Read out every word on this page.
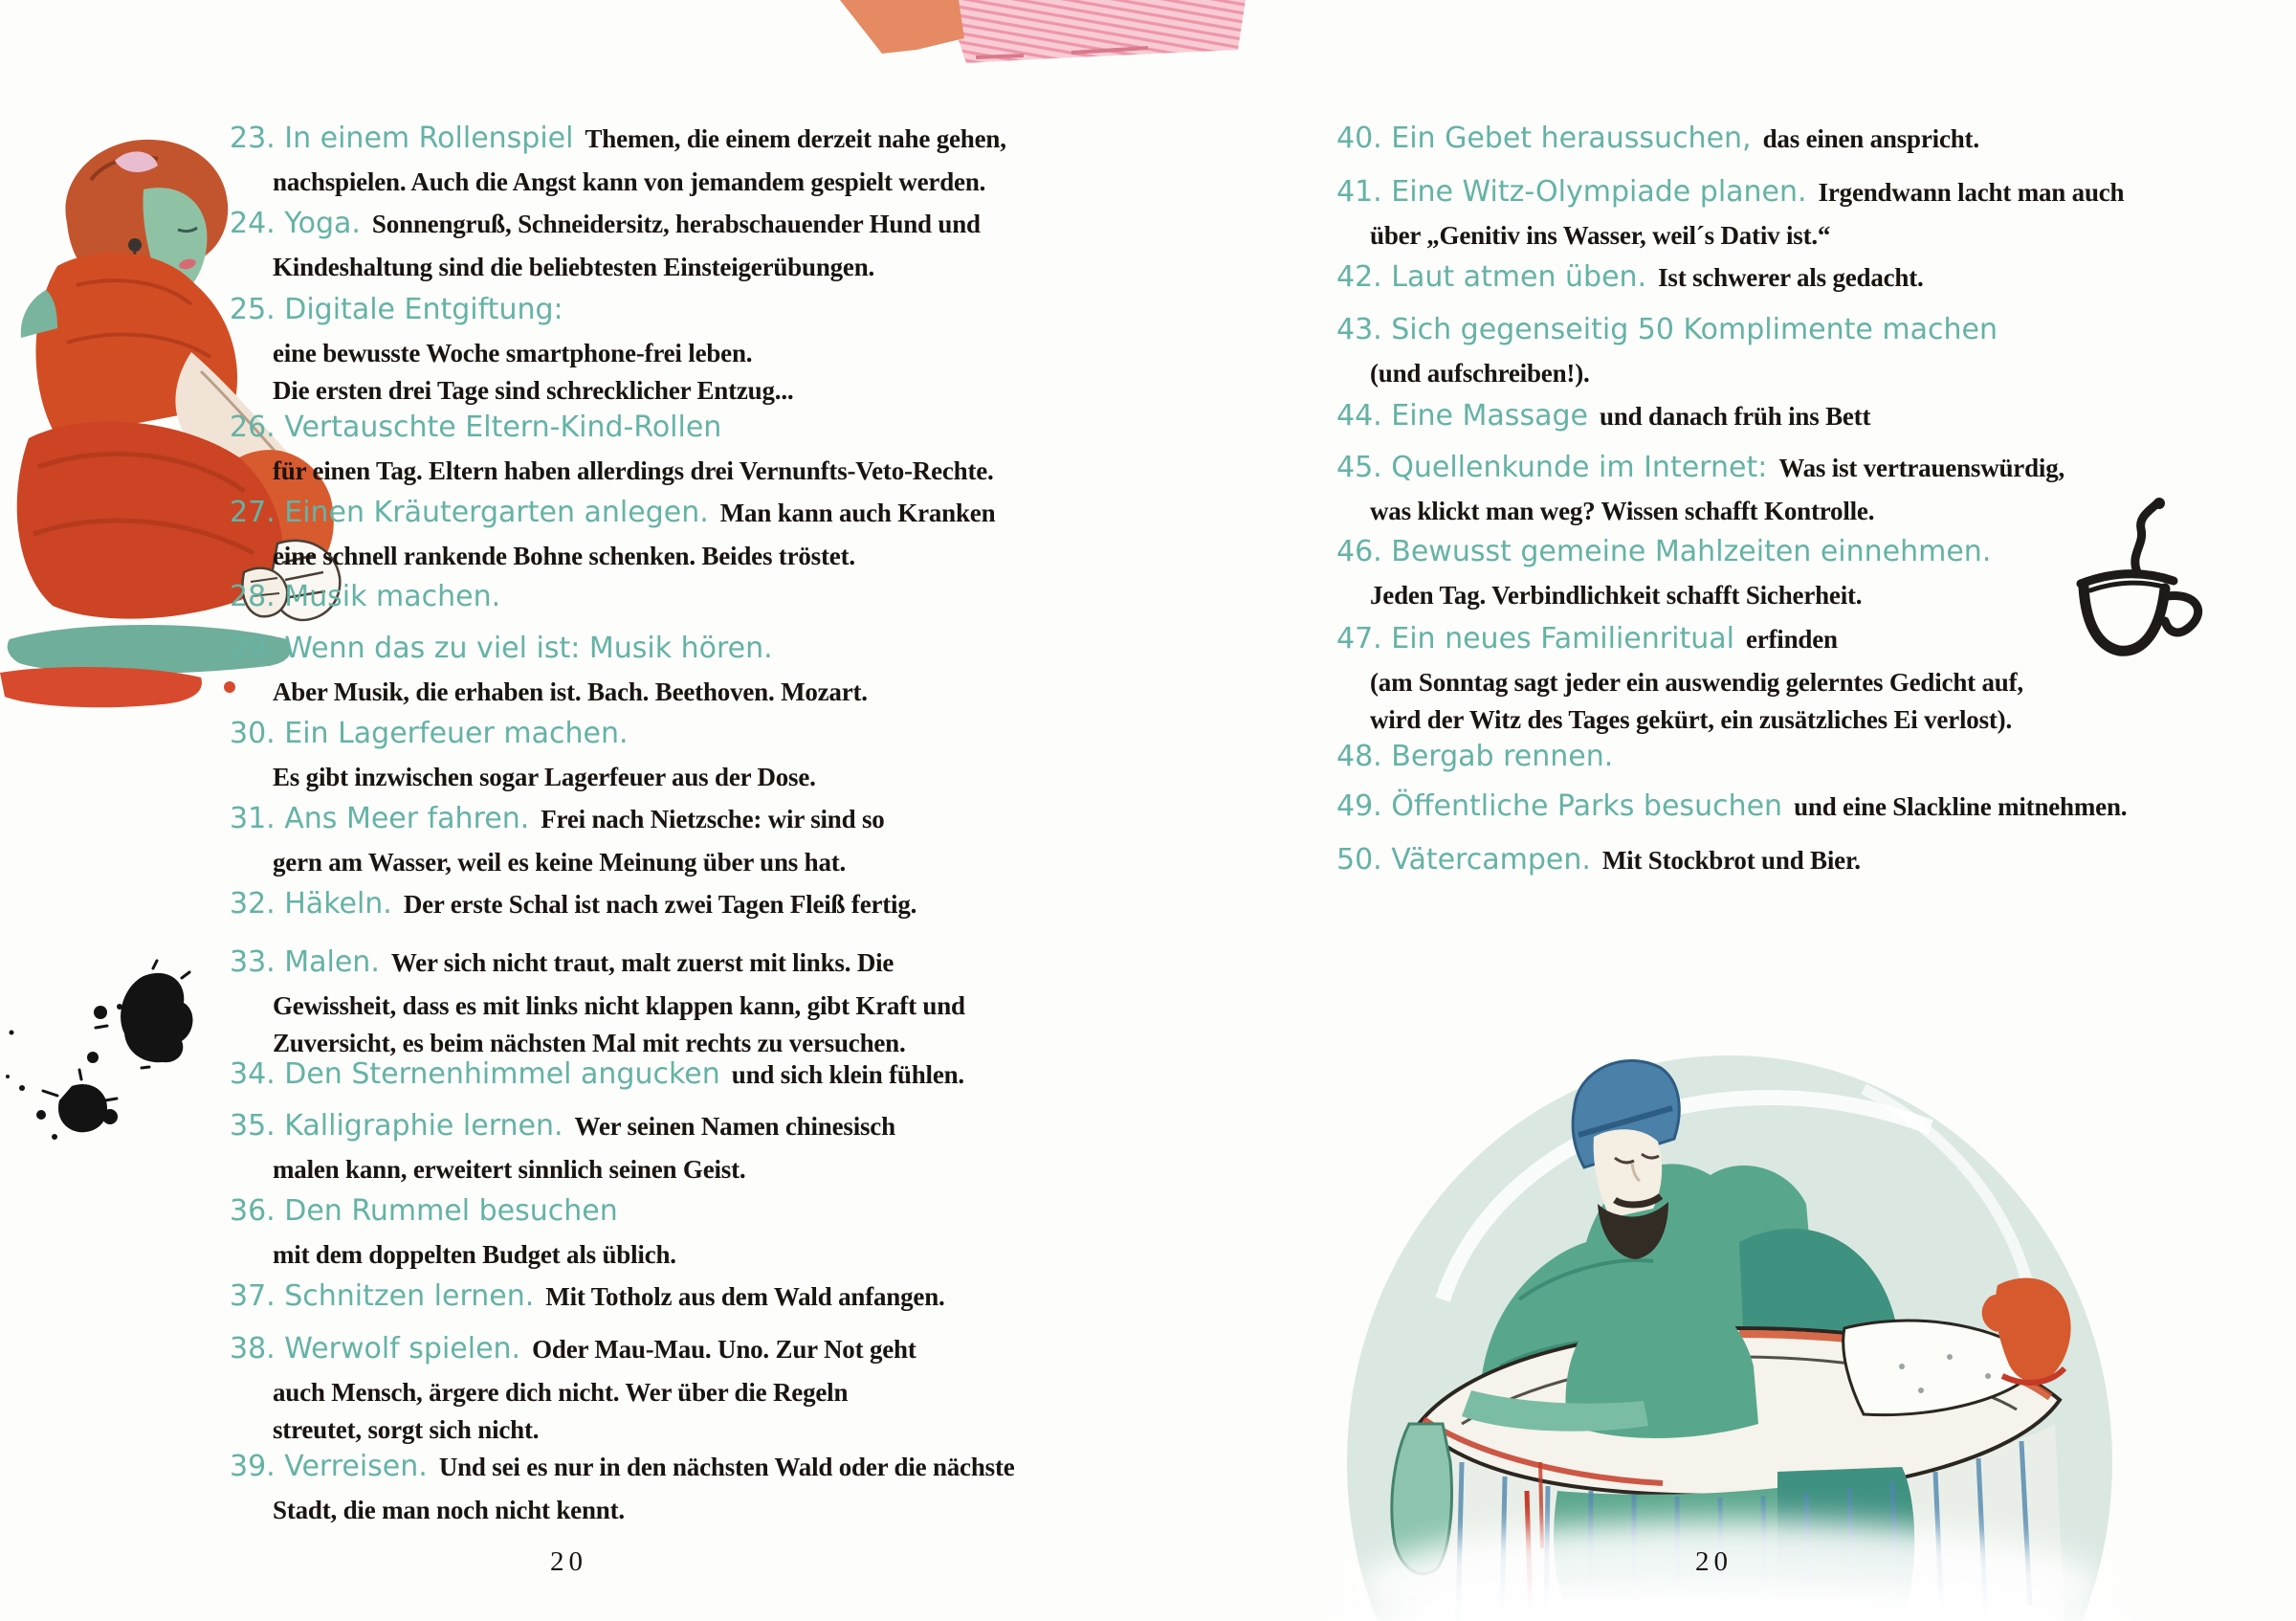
23. In einem Rollenspiel Themen, die einem derzeit nahe gehen,
nachspielen. Auch die Angst kann von jemandem gespielt werden.
24. Yoga. Sonnengruß, Schneidersitz, herabschauender Hund und
Kindeshaltung sind die beliebtesten Einsteigerübungen.
25. Digitale Entgiftung:
eine bewusste Woche smartphone-frei leben.
Die ersten drei Tage sind schrecklicher Entzug...
26. Vertauschte Eltern-Kind-Rollen
für einen Tag. Eltern haben allerdings drei Vernunfts-Veto-Rechte.
27. Einen Kräutergarten anlegen. Man kann auch Kranken
eine schnell rankende Bohne schenken. Beides tröstet.
28. Musik machen.
29. Wenn das zu viel ist: Musik hören.
Aber Musik, die erhaben ist. Bach. Beethoven. Mozart.
30. Ein Lagerfeuer machen.
Es gibt inzwischen sogar Lagerfeuer aus der Dose.
31. Ans Meer fahren. Frei nach Nietzsche: wir sind so
gern am Wasser, weil es keine Meinung über uns hat.
32. Häkeln. Der erste Schal ist nach zwei Tagen Fleiß fertig.
33. Malen. Wer sich nicht traut, malt zuerst mit links. Die
Gewissheit, dass es mit links nicht klappen kann, gibt Kraft und
Zuversicht, es beim nächsten Mal mit rechts zu versuchen.
34. Den Sternenhimmel angucken und sich klein fühlen.
35. Kalligraphie lernen. Wer seinen Namen chinesisch
malen kann, erweitert sinnlich seinen Geist.
36. Den Rummel besuchen
mit dem doppelten Budget als üblich.
37. Schnitzen lernen. Mit Totholz aus dem Wald anfangen.
38. Werwolf spielen. Oder Mau-Mau. Uno. Zur Not geht
auch Mensch, ärgere dich nicht. Wer über die Regeln
streutet, sorgt sich nicht.
39. Verreisen. Und sei es nur in den nächsten Wald oder die nächste
Stadt, die man noch nicht kennt.
40. Ein Gebet heraussuchen, das einen anspricht.
41. Eine Witz-Olympiade planen. Irgendwann lacht man auch
über „Genitiv ins Wasser, weil´s Dativ ist.“
42. Laut atmen üben. Ist schwerer als gedacht.
43. Sich gegenseitig 50 Komplimente machen
(und aufschreiben!).
44. Eine Massage und danach früh ins Bett
45. Quellenkunde im Internet: Was ist vertrauenswürdig,
was klickt man weg? Wissen schafft Kontrolle.
46. Bewusst gemeine Mahlzeiten einnehmen.
Jeden Tag. Verbindlichkeit schafft Sicherheit.
47. Ein neues Familienritual erfinden
(am Sonntag sagt jeder ein auswendig gelerntes Gedicht auf,
wird der Witz des Tages gekürt, ein zusätzliches Ei verlost).
48. Bergab rennen.
49. Öffentliche Parks besuchen und eine Slackline mitnehmen.
50. Vätercampen. Mit Stockbrot und Bier.
20	20
